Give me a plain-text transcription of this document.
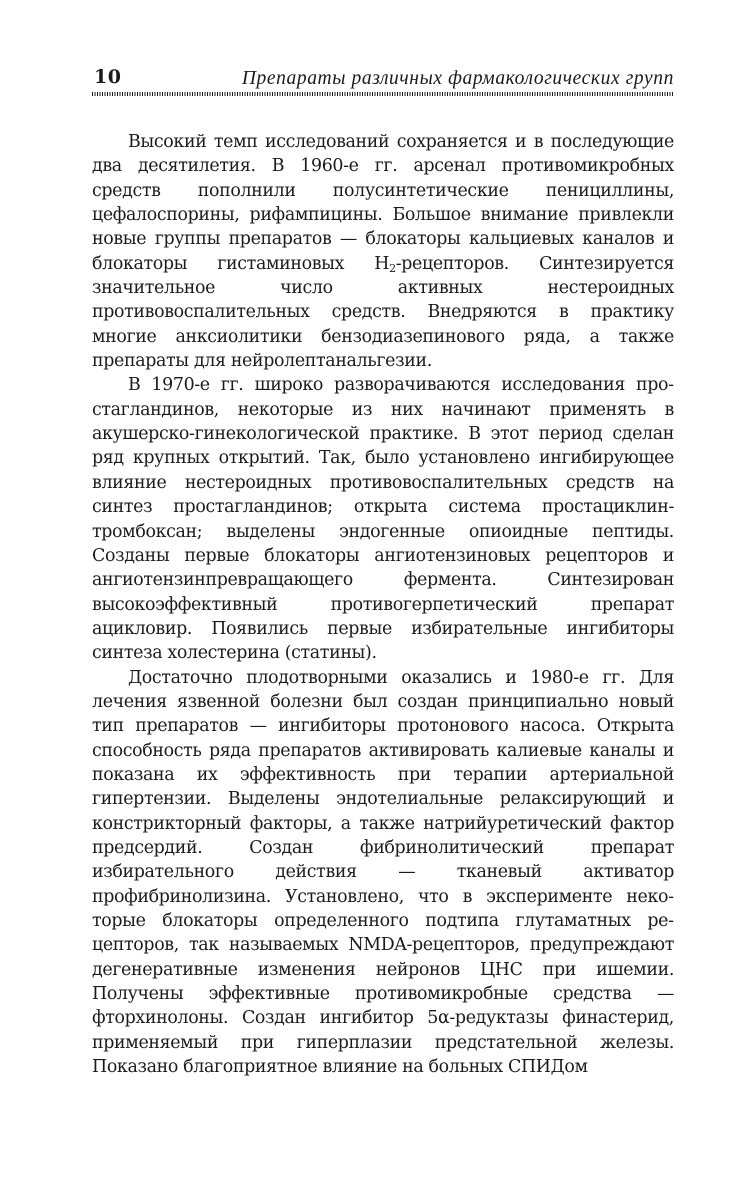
10	Препараты различных фармакологических групп

Высокий темп исследований сохраняется и в последующие два десятилетия. В 1960-е гг. арсенал противомикробных средств пополнили полусинтетические пенициллины, цефалоспорины, рифампицины. Большое внимание привлекли новые группы препаратов — блокаторы кальциевых каналов и блокаторы гистаминовых $H_2$-рецепторов. Синтезируется значительное число активных нестероидных противовоспалительных средств. Внедряются в практику многие анксиолитики бензодиазепинового ряда, а также препараты для нейролептанальгезии.

В 1970-е гг. широко разворачиваются исследования простагландинов, некоторые из них начинают применять в акушерско-гинекологической практике. В этот период сделан ряд крупных открытий. Так, было установлено ингибирующее влияние нестероидных противовоспалительных средств на синтез простагландинов; открыта система простациклин-тромбоксан; выделены эндогенные опиоидные пептиды. Созданы первые блокаторы ангиотензиновых рецепторов и ангиотензинпревращающего фермента. Синтезирован высокоэффективный противогерпетический препарат ацикловир. Появились первые избирательные ингибиторы синтеза холестерина (статины).

Достаточно плодотворными оказались и 1980-е гг. Для лечения язвенной болезни был создан принципиально новый тип препаратов — ингибиторы протонового насоса. Открыта способность ряда препаратов активировать калиевые каналы и показана их эффективность при терапии артериальной гипертензии. Выделены эндотелиальные релаксирующий и констрикторный факторы, а также натрийуретический фактор предсердий. Создан фибринолитический препарат избирательного действия — тканевый активатор профибринолизина. Установлено, что в эксперименте некоторые блокаторы определенного подтипа глутаматных рецепторов, так называемых NMDA-рецепторов, предупреждают дегенеративные изменения нейронов ЦНС при ишемии. Получены эффективные противомикробные средства — фторхинолоны. Создан ингибитор 5α-редуктазы финастерид, применяемый при гиперплазии предстательной железы. Показано благоприятное влияние на больных СПИДом
